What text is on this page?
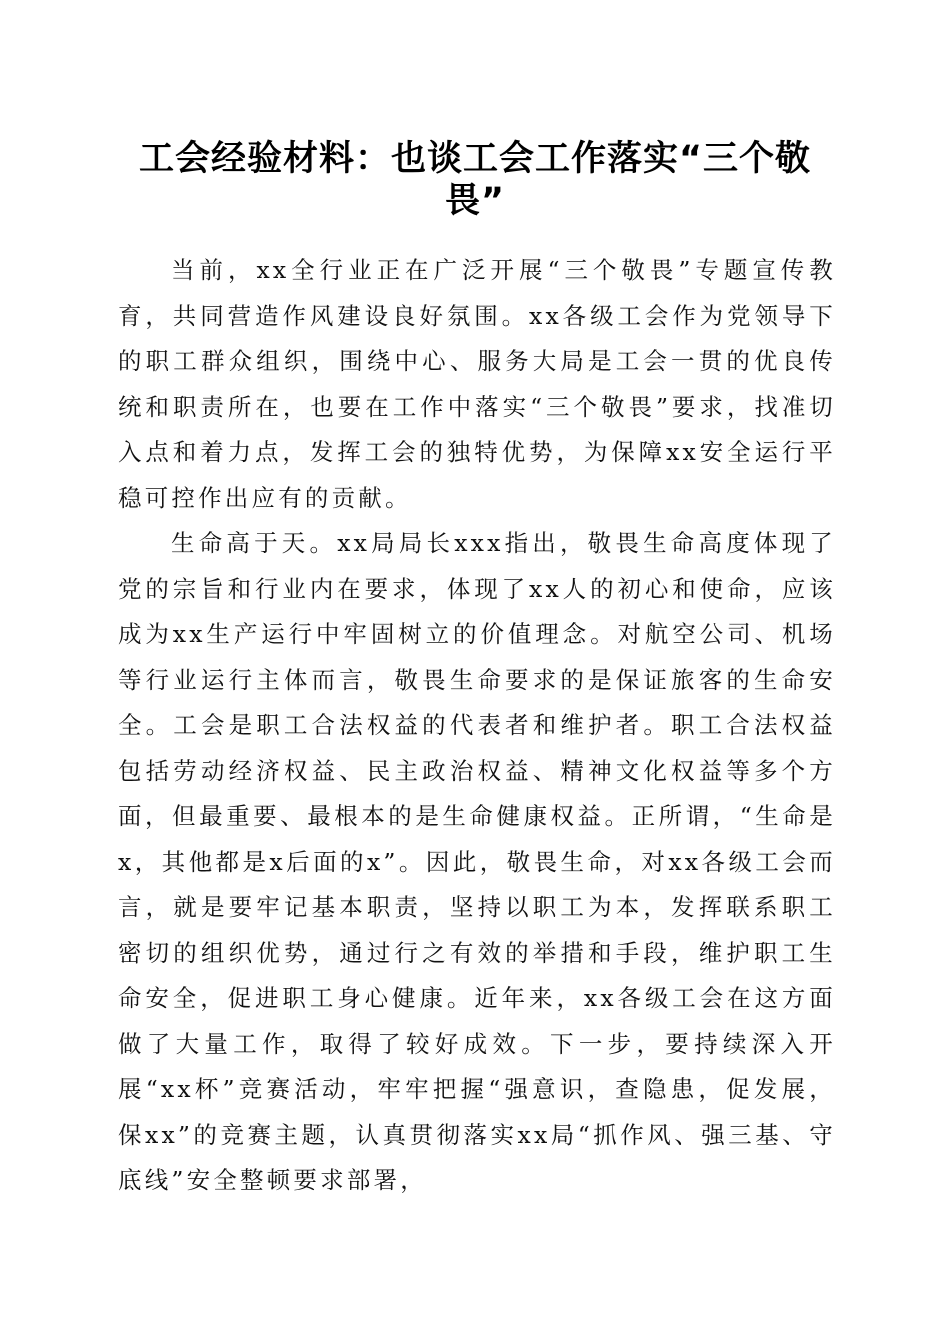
工会经验材料：也谈工会工作落实“三个敬畏”

当前，xx全行业正在广泛开展“三个敬畏”专题宣传教育，共同营造作风建设良好氛围。xx各级工会作为党领导下的职工群众组织，围绕中心、服务大局是工会一贯的优良传统和职责所在，也要在工作中落实“三个敬畏”要求，找准切入点和着力点，发挥工会的独特优势，为保障xx安全运行平稳可控作出应有的贡献。

生命高于天。xx局局长xxx指出，敬畏生命高度体现了党的宗旨和行业内在要求，体现了xx人的初心和使命，应该成为xx生产运行中牢固树立的价值理念。对航空公司、机场等行业运行主体而言，敬畏生命要求的是保证旅客的生命安全。工会是职工合法权益的代表者和维护者。职工合法权益包括劳动经济权益、民主政治权益、精神文化权益等多个方面，但最重要、最根本的是生命健康权益。正所谓，“生命是x，其他都是x后面的x”。因此，敬畏生命，对xx各级工会而言，就是要牢记基本职责，坚持以职工为本，发挥联系职工密切的组织优势，通过行之有效的举措和手段，维护职工生命安全，促进职工身心健康。近年来，xx各级工会在这方面做了大量工作，取得了较好成效。下一步，要持续深入开展“xx杯”竞赛活动，牢牢把握“强意识，查隐患，促发展，保xx”的竞赛主题，认真贯彻落实xx局“抓作风、强三基、守底线”安全整顿要求部署，
